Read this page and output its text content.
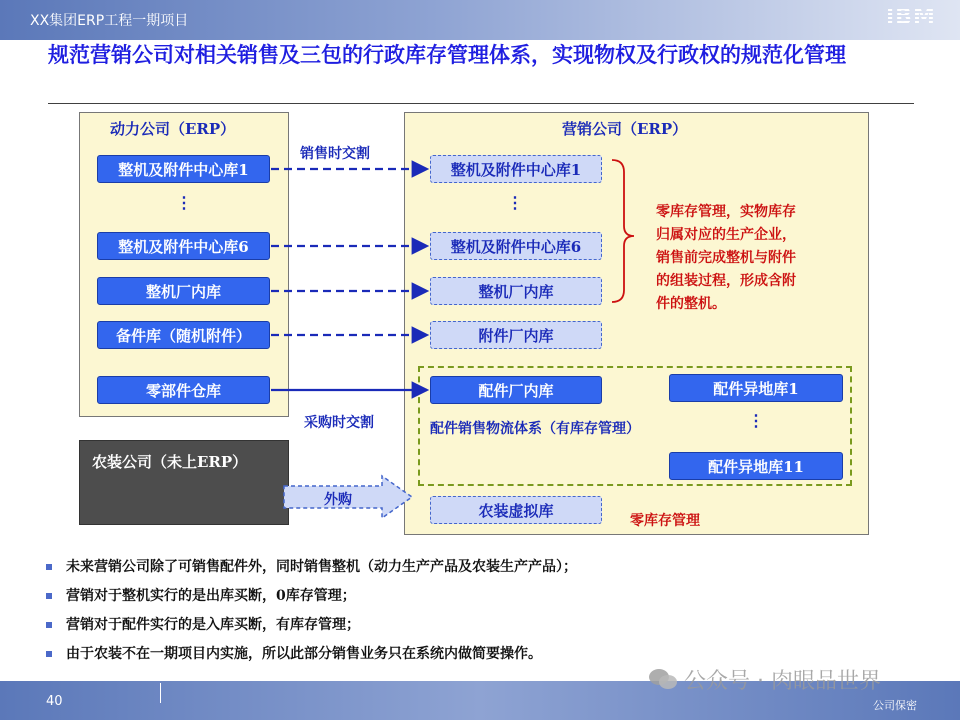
XX集团ERP工程一期项目	IBM
规范营销公司对相关销售及三包的行政库存管理体系，实现物权及行政权的规范化管理
动力公司（ERP）	营销公司（ERP）
农装公司（未上ERP）
整机及附件中心库1
⋮
整机及附件中心库6
整机厂内库
备件库（随机附件）
零部件仓库
整机及附件中心库1
⋮
整机及附件中心库6
整机厂内库
附件厂内库
配件厂内库	配件异地库1
⋮
配件异地库11
配件销售物流体系（有库存管理）
农装虚拟库
销售时交割
采购时交割
外购
零库存管理，实物库存
归属对应的生产企业，
销售前完成整机与附件
的组装过程，形成含附
件的整机。
零库存管理
未来营销公司除了可销售配件外，同时销售整机（动力生产产品及农装生产产品）；
营销对于整机实行的是出库买断，0库存管理；
营销对于配件实行的是入库买断，有库存管理；
由于农装不在一期项目内实施，所以此部分销售业务只在系统内做简要操作。
40	公司保密
公众号 · 肉眼品世界
